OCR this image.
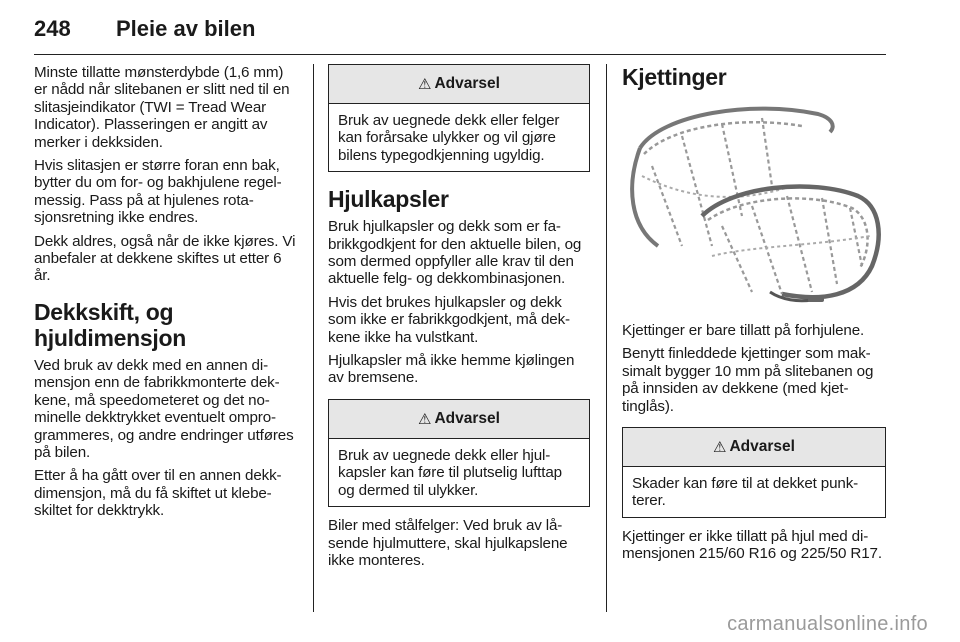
248 Pleie av bilen

Minste tillatte mønsterdybde (1,6 mm) er nådd når slitebanen er slitt ned til en slitasjeindikator (TWI = Tread Wear Indicator). Plasseringen er angitt av merker i dekksiden.

Hvis slitasjen er større foran enn bak, bytter du om for- og bakhjulene regelmessig. Pass på at hjulenes rotasjonsretning ikke endres.

Dekk aldres, også når de ikke kjøres. Vi anbefaler at dekkene skiftes ut etter 6 år.

Dekkskift, og hjuldimensjon

Ved bruk av dekk med en annen dimensjon enn de fabrikkmonterte dekkene, må speedometeret og det nominelle dekktrykket eventuelt omprogrammeres, og andre endringer utføres på bilen.

Etter å ha gått over til en annen dekkdimensjon, må du få skiftet ut klebeskiltet for dekktrykk.

⚠ Advarsel
Bruk av uegnede dekk eller felger kan forårsake ulykker og vil gjøre bilens typegodkjenning ugyldig.
Hjulkapsler

Bruk hjulkapsler og dekk som er fabrikkgodkjent for den aktuelle bilen, og som dermed oppfyller alle krav til den aktuelle felg- og dekkombinasjonen.

Hvis det brukes hjulkapsler og dekk som ikke er fabrikkgodkjent, må dekkene ikke ha vulstkant.

Hjulkapsler må ikke hemme kjølingen av bremsene.

⚠ Advarsel
Bruk av uegnede dekk eller hjulkapsler kan føre til plutselig lufttap og dermed til ulykker.

Biler med stålfelger: Ved bruk av låsende hjulmuttere, skal hjulkapslene ikke monteres.

Kjettinger

Kjettinger er bare tillatt på forhjulene.

Benytt finleddede kjettinger som maksimalt bygger 10 mm på slitebanen og på innsiden av dekkene (med kjettinglås).

⚠ Advarsel
Skader kan føre til at dekket punkterer.

Kjettinger er ikke tillatt på hjul med dimensjonen 215/60 R16 og 225/50 R17.

carmanualsonline.info
